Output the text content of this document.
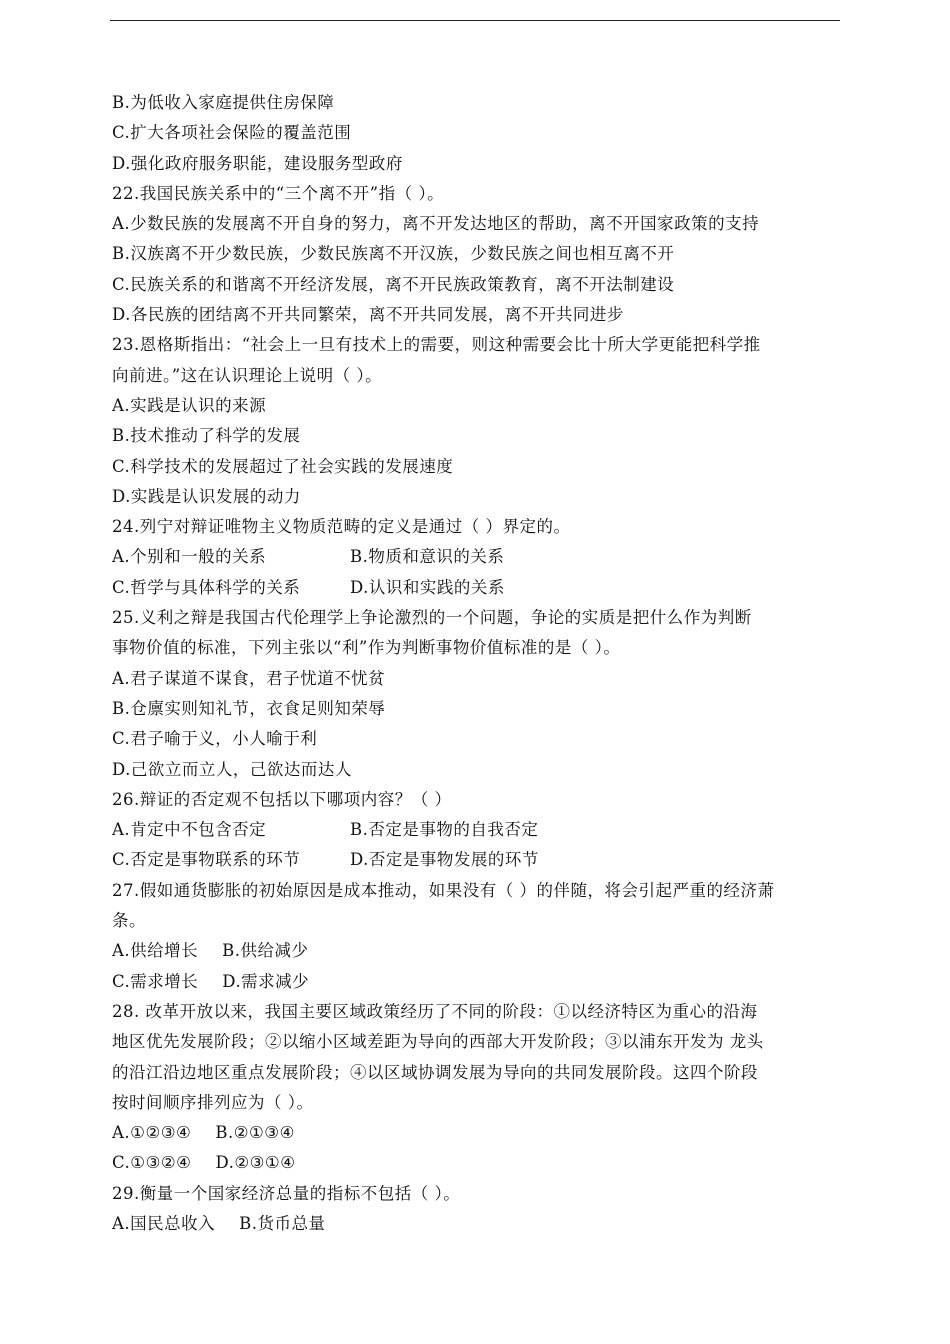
B.为低收入家庭提供住房保障
C.扩大各项社会保险的覆盖范围
D.强化政府服务职能，建设服务型政府
22.我国民族关系中的“三个离不开”指（ ）。
A.少数民族的发展离不开自身的努力，离不开发达地区的帮助，离不开国家政策的支持
B.汉族离不开少数民族，少数民族离不开汉族，少数民族之间也相互离不开
C.民族关系的和谐离不开经济发展，离不开民族政策教育，离不开法制建设
D.各民族的团结离不开共同繁荣，离不开共同发展，离不开共同进步
23.恩格斯指出：“社会上一旦有技术上的需要，则这种需要会比十所大学更能把科学推
向前进。”这在认识理论上说明（ ）。
A.实践是认识的来源
B.技术推动了科学的发展
C.科学技术的发展超过了社会实践的发展速度
D.实践是认识发展的动力
24.列宁对辩证唯物主义物质范畴的定义是通过（ ）界定的。
A.个别和一般的关系	B.物质和意识的关系
C.哲学与具体科学的关系	D.认识和实践的关系
25.义利之辩是我国古代伦理学上争论激烈的一个问题，争论的实质是把什么作为判断
事物价值的标准，下列主张以“利”作为判断事物价值标准的是（ ）。
A.君子谋道不谋食，君子忧道不忧贫
B.仓廪实则知礼节，衣食足则知荣辱
C.君子喻于义，小人喻于利
D.己欲立而立人，己欲达而达人
26.辩证的否定观不包括以下哪项内容？（ ）
A.肯定中不包含否定	B.否定是事物的自我否定
C.否定是事物联系的环节	D.否定是事物发展的环节
27.假如通货膨胀的初始原因是成本推动，如果没有（ ）的伴随，将会引起严重的经济萧
条。
A.供给增长 B.供给减少
C.需求增长 D.需求减少
28. 改革开放以来，我国主要区域政策经历了不同的阶段：①以经济特区为重心的沿海
地区优先发展阶段；②以缩小区域差距为导向的西部大开发阶段；③以浦东开发为 龙头
的沿江沿边地区重点发展阶段；④以区域协调发展为导向的共同发展阶段。这四个阶段
按时间顺序排列应为（ ）。
A.①②③④ B.②①③④
C.①③②④ D.②③①④
29.衡量一个国家经济总量的指标不包括（ ）。
A.国民总收入 B.货币总量
